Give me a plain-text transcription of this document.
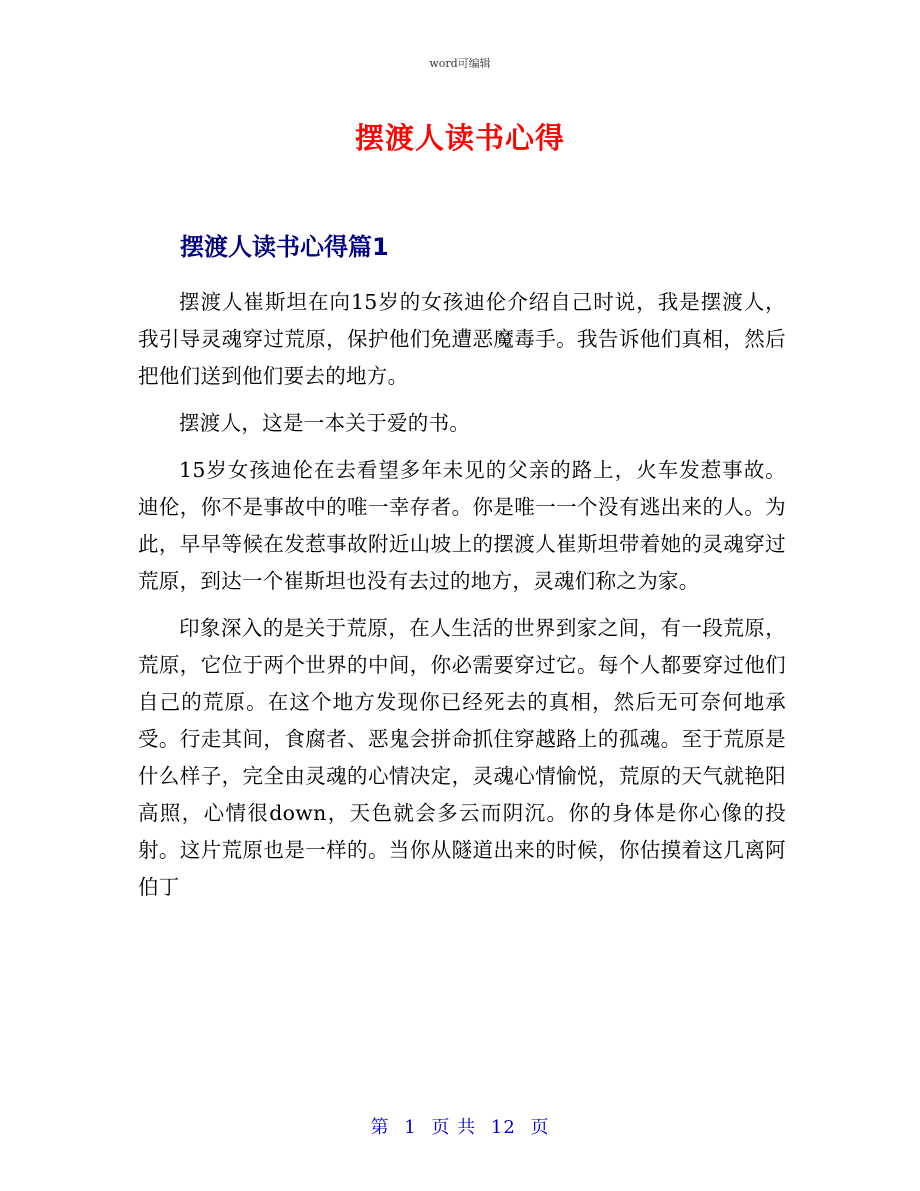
word可编辑
摆渡人读书心得
摆渡人读书心得篇1

摆渡人崔斯坦在向15岁的女孩迪伦介绍自己时说，我是摆渡人，我引导灵魂穿过荒原，保护他们免遭恶魔毒手。我告诉他们真相，然后把他们送到他们要去的地方。

摆渡人，这是一本关于爱的书。

15岁女孩迪伦在去看望多年未见的父亲的路上，火车发惹事故。迪伦，你不是事故中的唯一幸存者。你是唯一一个没有逃出来的人。为此，早早等候在发惹事故附近山坡上的摆渡人崔斯坦带着她的灵魂穿过荒原，到达一个崔斯坦也没有去过的地方，灵魂们称之为家。

印象深入的是关于荒原，在人生活的世界到家之间，有一段荒原，荒原，它位于两个世界的中间，你必需要穿过它。每个人都要穿过他们自己的荒原。在这个地方发现你已经死去的真相，然后无可奈何地承受。行走其间，食腐者、恶鬼会拼命抓住穿越路上的孤魂。至于荒原是什么样子，完全由灵魂的心情决定，灵魂心情愉悦，荒原的天气就艳阳高照，心情很down，天色就会多云而阴沉。你的身体是你心像的投射。这片荒原也是一样的。当你从隧道出来的时候，你估摸着这几离阿伯丁

第 1 页 共 12 页
